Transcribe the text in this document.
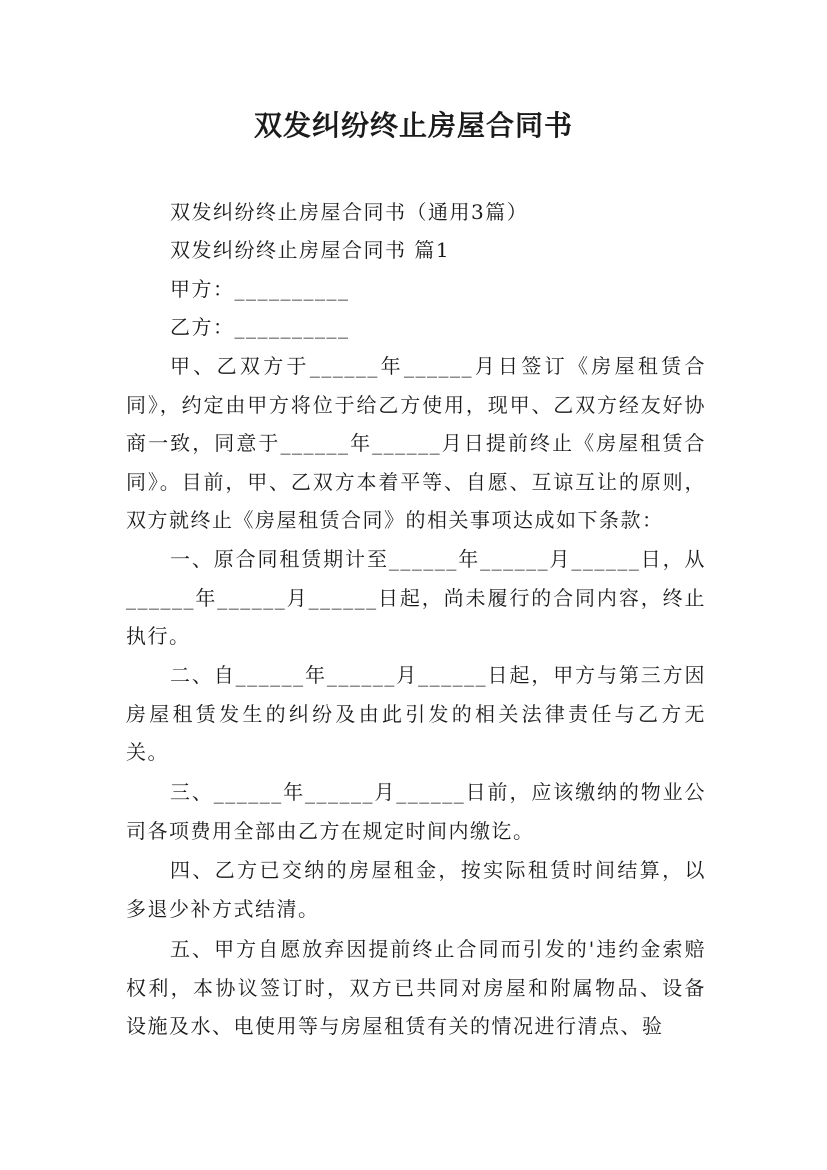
双发纠纷终止房屋合同书
双发纠纷终止房屋合同书（通用3篇）
双发纠纷终止房屋合同书 篇1
甲方：__________
乙方：__________
甲、乙双方于______年______月日签订《房屋租赁合同》，约定由甲方将位于给乙方使用，现甲、乙双方经友好协商一致，同意于______年______月日提前终止《房屋租赁合同》。目前，甲、乙双方本着平等、自愿、互谅互让的原则，双方就终止《房屋租赁合同》的相关事项达成如下条款：
一、原合同租赁期计至______年______月______日，从______年______月______日起，尚未履行的合同内容，终止执行。
二、自______年______月______日起，甲方与第三方因房屋租赁发生的纠纷及由此引发的相关法律责任与乙方无关。
三、______年______月______日前，应该缴纳的物业公司各项费用全部由乙方在规定时间内缴讫。
四、乙方已交纳的房屋租金，按实际租赁时间结算，以多退少补方式结清。
五、甲方自愿放弃因提前终止合同而引发的'违约金索赔权利，本协议签订时，双方已共同对房屋和附属物品、设备设施及水、电使用等与房屋租赁有关的情况进行清点、验
